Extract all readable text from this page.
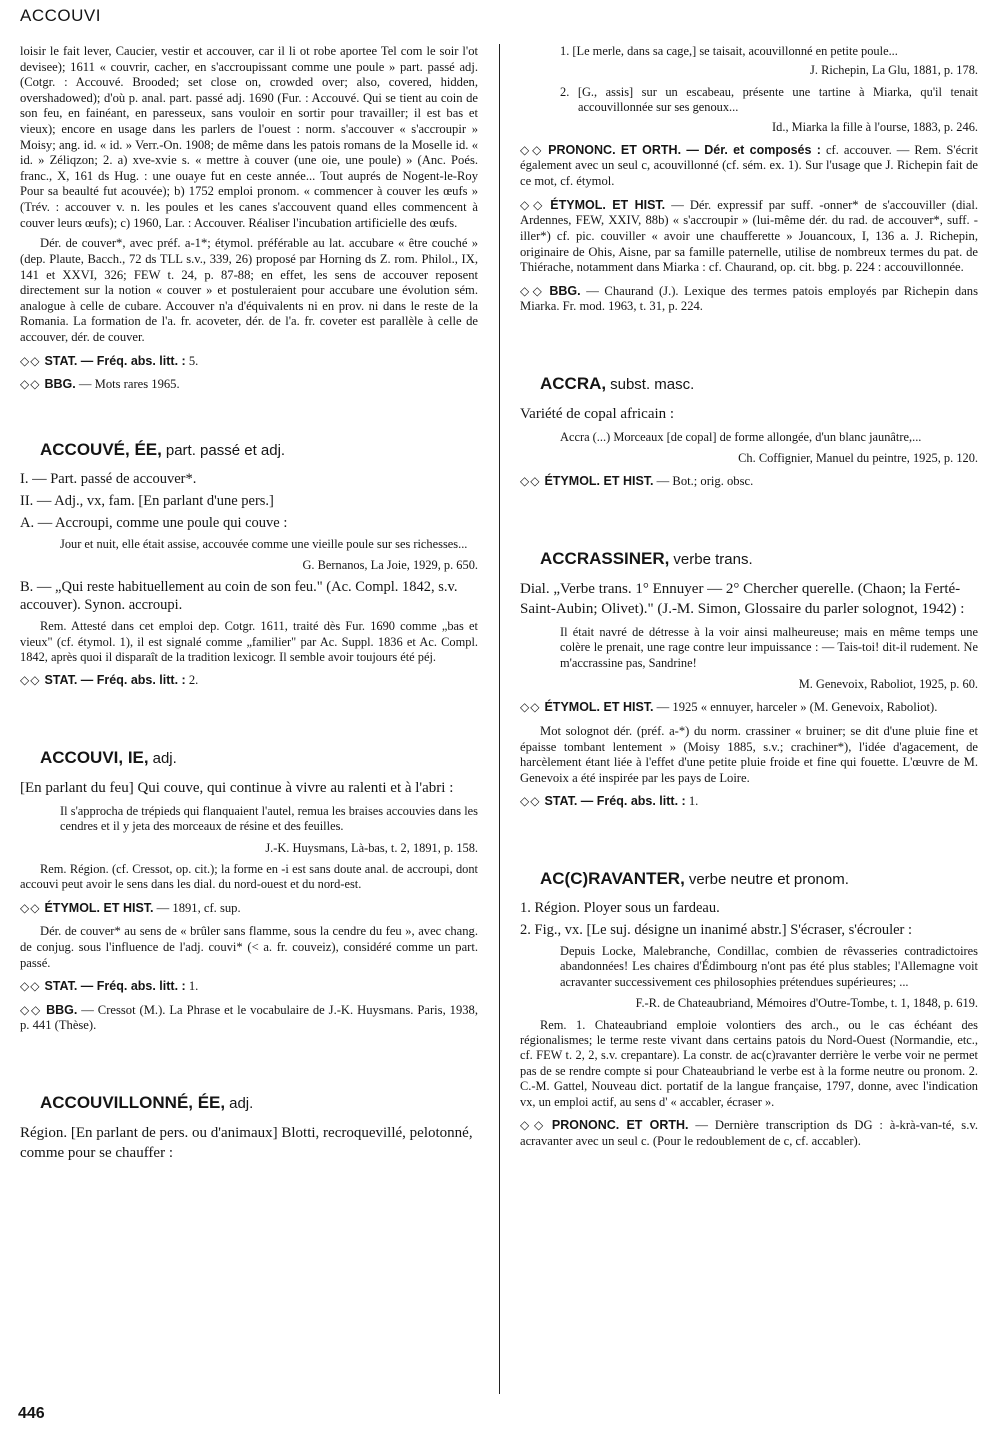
ACCOUVI

loisir le fait lever, Caucier, vestir et accouver, car il li ot robe aportee Tel com le soir l'ot devisee); 1611 « couvrir, cacher, en s'accroupissant comme une poule » part. passé adj. (Cotgr. : Accouvé. Brooded; set close on, crowded over; also, covered, hidden, overshadowed); d'où p. anal. part. passé adj. 1690 (Fur. : Accouvé. Qui se tient au coin de son feu, en fainéant, en paresseux, sans vouloir en sortir pour travailler; il est bas et vieux); encore en usage dans les parlers de l'ouest : norm. s'accouver « s'accroupir » Moisy; ang. id. « id. » Verr.-On. 1908; de même dans les patois romans de la Moselle id. « id. » Zéliqzon; 2. a) xve-xvie s. « mettre à couver (une oie, une poule) » (Anc. Poés. franc., X, 161 ds Hug. : une ouaye fut en ceste année... Tout auprés de Nogent-le-Roy Pour sa beaulté fut acouvée); b) 1752 emploi pronom. « commencer à couver les œufs » (Trév. : accouver v. n. les poules et les canes s'accouvent quand elles commencent à couver leurs œufs); c) 1960, Lar. : Accouver. Réaliser l'incubation artificielle des œufs.

Dér. de couver*, avec préf. a-1*; étymol. préférable au lat. accubare « être couché » (dep. Plaute, Bacch., 72 ds TLL s.v., 339, 26) proposé par Horning ds Z. rom. Philol., IX, 141 et XXVI, 326; FEW t. 24, p. 87-88; en effet, les sens de accouver reposent directement sur la notion « couver » et postuleraient pour accubare une évolution sém. analogue à celle de cubare. Accouver n'a d'équivalents ni en prov. ni dans le reste de la Romania. La formation de l'a. fr. acoveter, dér. de l'a. fr. coveter est parallèle à celle de accouver, dér. de couver.

◇◇ STAT. — Fréq. abs. litt. : 5.

◇◇ BBG. — Mots rares 1965.

ACCOUVÉ, ÉE, part. passé et adj.

I. — Part. passé de accouver*.

II. — Adj., vx, fam. [En parlant d'une pers.]

A. — Accroupi, comme une poule qui couve :

Jour et nuit, elle était assise, accouvée comme une vieille poule sur ses richesses...

G. Bernanos, La Joie, 1929, p. 650.

B. — „Qui reste habituellement au coin de son feu." (Ac. Compl. 1842, s.v. accouver). Synon. accroupi.

Rem. Attesté dans cet emploi dep. Cotgr. 1611, traité dès Fur. 1690 comme „bas et vieux" (cf. étymol. 1), il est signalé comme „familier" par Ac. Suppl. 1836 et Ac. Compl. 1842, après quoi il disparaît de la tradition lexicogr. Il semble avoir toujours été péj.

◇◇ STAT. — Fréq. abs. litt. : 2.

ACCOUVI, IE, adj.

[En parlant du feu] Qui couve, qui continue à vivre au ralenti et à l'abri :

Il s'approcha de trépieds qui flanquaient l'autel, remua les braises accouvies dans les cendres et il y jeta des morceaux de résine et des feuilles.

J.-K. Huysmans, Là-bas, t. 2, 1891, p. 158.

Rem. Région. (cf. Cressot, op. cit.); la forme en -i est sans doute anal. de accroupi, dont accouvi peut avoir le sens dans les dial. du nord-ouest et du nord-est.

◇◇ ÉTYMOL. ET HIST. — 1891, cf. sup.

Dér. de couver* au sens de « brûler sans flamme, sous la cendre du feu », avec chang. de conjug. sous l'influence de l'adj. couvi* (< a. fr. couveiz), considéré comme un part. passé.

◇◇ STAT. — Fréq. abs. litt. : 1.

◇◇ BBG. — Cressot (M.). La Phrase et le vocabulaire de J.-K. Huysmans. Paris, 1938, p. 441 (Thèse).

ACCOUVILLONNÉ, ÉE, adj.

Région. [En parlant de pers. ou d'animaux] Blotti, recroquevillé, pelotonné, comme pour se chauffer :

1. [Le merle, dans sa cage,] se taisait, acouvillonné en petite poule...

J. Richepin, La Glu, 1881, p. 178.

2. [G., assis] sur un escabeau, présente une tartine à Miarka, qu'il tenait accouvillonnée sur ses genoux...

Id., Miarka la fille à l'ourse, 1883, p. 246.

◇◇ PRONONC. ET ORTH. — Dér. et composés : cf. accouver. — Rem. S'écrit également avec un seul c, acouvillonné (cf. sém. ex. 1). Sur l'usage que J. Richepin fait de ce mot, cf. étymol.

◇◇ ÉTYMOL. ET HIST. — Dér. expressif par suff. -onner* de s'accouviller (dial. Ardennes, FEW, XXIV, 88b) « s'accroupir » (lui-même dér. du rad. de accouver*, suff. -iller*) cf. pic. couviller « avoir une chaufferette » Jouancoux, I, 136 a. J. Richepin, originaire de Ohis, Aisne, par sa famille paternelle, utilise de nombreux termes du pat. de Thiérache, notamment dans Miarka : cf. Chaurand, op. cit. bbg. p. 224 : accouvillonnée.

◇◇ BBG. — Chaurand (J.). Lexique des termes patois employés par Richepin dans Miarka. Fr. mod. 1963, t. 31, p. 224.

ACCRA, subst. masc.

Variété de copal africain :

Accra (...) Morceaux [de copal] de forme allongée, d'un blanc jaunâtre,...

Ch. Coffignier, Manuel du peintre, 1925, p. 120.

◇◇ ÉTYMOL. ET HIST. — Bot.; orig. obsc.

ACCRASSINER, verbe trans.

Dial. „Verbe trans. 1° Ennuyer — 2° Chercher querelle. (Chaon; la Ferté-Saint-Aubin; Olivet)." (J.-M. Simon, Glossaire du parler solognot, 1942) :

Il était navré de détresse à la voir ainsi malheureuse; mais en même temps une colère le prenait, une rage contre leur impuissance : — Tais-toi! dit-il rudement. Ne m'accrassine pas, Sandrine!

M. Genevoix, Raboliot, 1925, p. 60.

◇◇ ÉTYMOL. ET HIST. — 1925 « ennuyer, harceler » (M. Genevoix, Raboliot).

Mot solognot dér. (préf. a-*) du norm. crassiner « bruiner; se dit d'une pluie fine et épaisse tombant lentement » (Moisy 1885, s.v.; crachiner*), l'idée d'agacement, de harcèlement étant liée à l'effet d'une petite pluie froide et fine qui fouette. L'œuvre de M. Genevoix a été inspirée par les pays de Loire.

◇◇ STAT. — Fréq. abs. litt. : 1.

AC(C)RAVANTER, verbe neutre et pronom.

1. Région. Ployer sous un fardeau.

2. Fig., vx. [Le suj. désigne un inanimé abstr.] S'écraser, s'écrouler :

Depuis Locke, Malebranche, Condillac, combien de rêvasseries contradictoires abandonnées! Les chaires d'Édimbourg n'ont pas été plus stables; l'Allemagne voit acravanter successivement ces philosophies prétendues supérieures; ...

F.-R. de Chateaubriand, Mémoires d'Outre-Tombe, t. 1, 1848, p. 619.

Rem. 1. Chateaubriand emploie volontiers des arch., ou le cas échéant des régionalismes; le terme reste vivant dans certains patois du Nord-Ouest (Normandie, etc., cf. FEW t. 2, 2, s.v. crepantare). La constr. de ac(c)ravanter derrière le verbe voir ne permet pas de se rendre compte si pour Chateaubriand le verbe est à la forme neutre ou pronom. 2. C.-M. Gattel, Nouveau dict. portatif de la langue française, 1797, donne, avec l'indication vx, un emploi actif, au sens d' « accabler, écraser ».

◇◇ PRONONC. ET ORTH. — Dernière transcription ds DG : à-krà-van-té, s.v. acravanter avec un seul c. (Pour le redoublement de c, cf. accabler).

446
